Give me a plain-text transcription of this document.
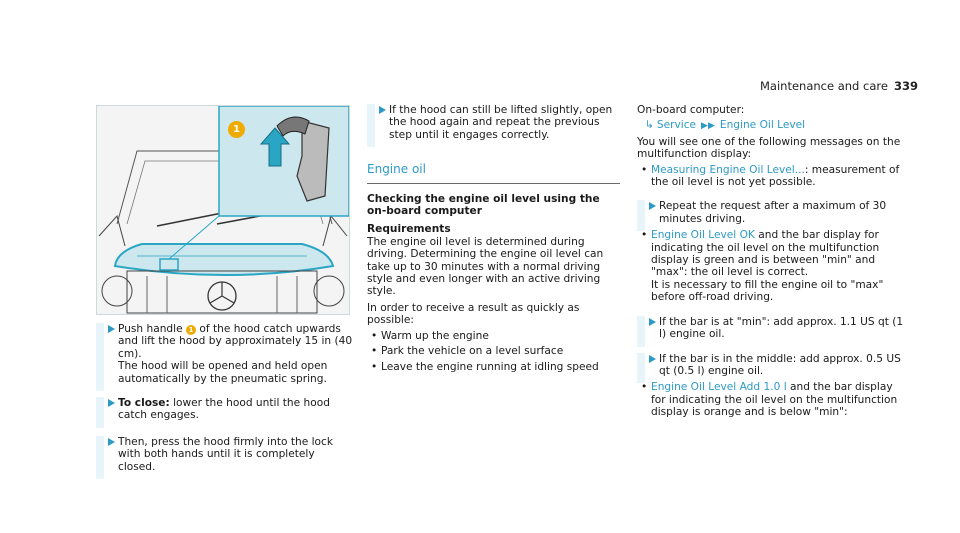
Maintenance and care 339
1

Push handle 1 of the hood catch upwards and lift the hood by approximately 15 in (40 cm).

The hood will be opened and held open automatically by the pneumatic spring.

To close: lower the hood until the hood catch engages.

Then, press the hood firmly into the lock with both hands until it is completely closed.

If the hood can still be lifted slightly, open the hood again and repeat the previous step until it engages correctly.

Engine oil
Checking the engine oil level using the on-board computer
Requirements

The engine oil level is determined during driving. Determining the engine oil level can take up to 30 minutes with a normal driving style and even longer with an active driving style.

In order to receive a result as quickly as possible:

• Warm up the engine
• Park the vehicle on a level surface
• Leave the engine running at idling speed

On-board computer:

↳ Service ▶▶ Engine Oil Level

You will see one of the following messages on the multifunction display:

• Measuring Engine Oil Level...: measurement of the oil level is not yet possible.

Repeat the request after a maximum of 30 minutes driving.

• Engine Oil Level OK and the bar display for indicating the oil level on the multifunction display is green and is between "min" and "max": the oil level is correct.

It is necessary to fill the engine oil to "max" before off-road driving.

If the bar is at "min": add approx. 1.1 US qt (1 l) engine oil.

If the bar is in the middle: add approx. 0.5 US qt (0.5 l) engine oil.

• Engine Oil Level Add 1.0 l and the bar display for indicating the oil level on the multifunction display is orange and is below "min":
